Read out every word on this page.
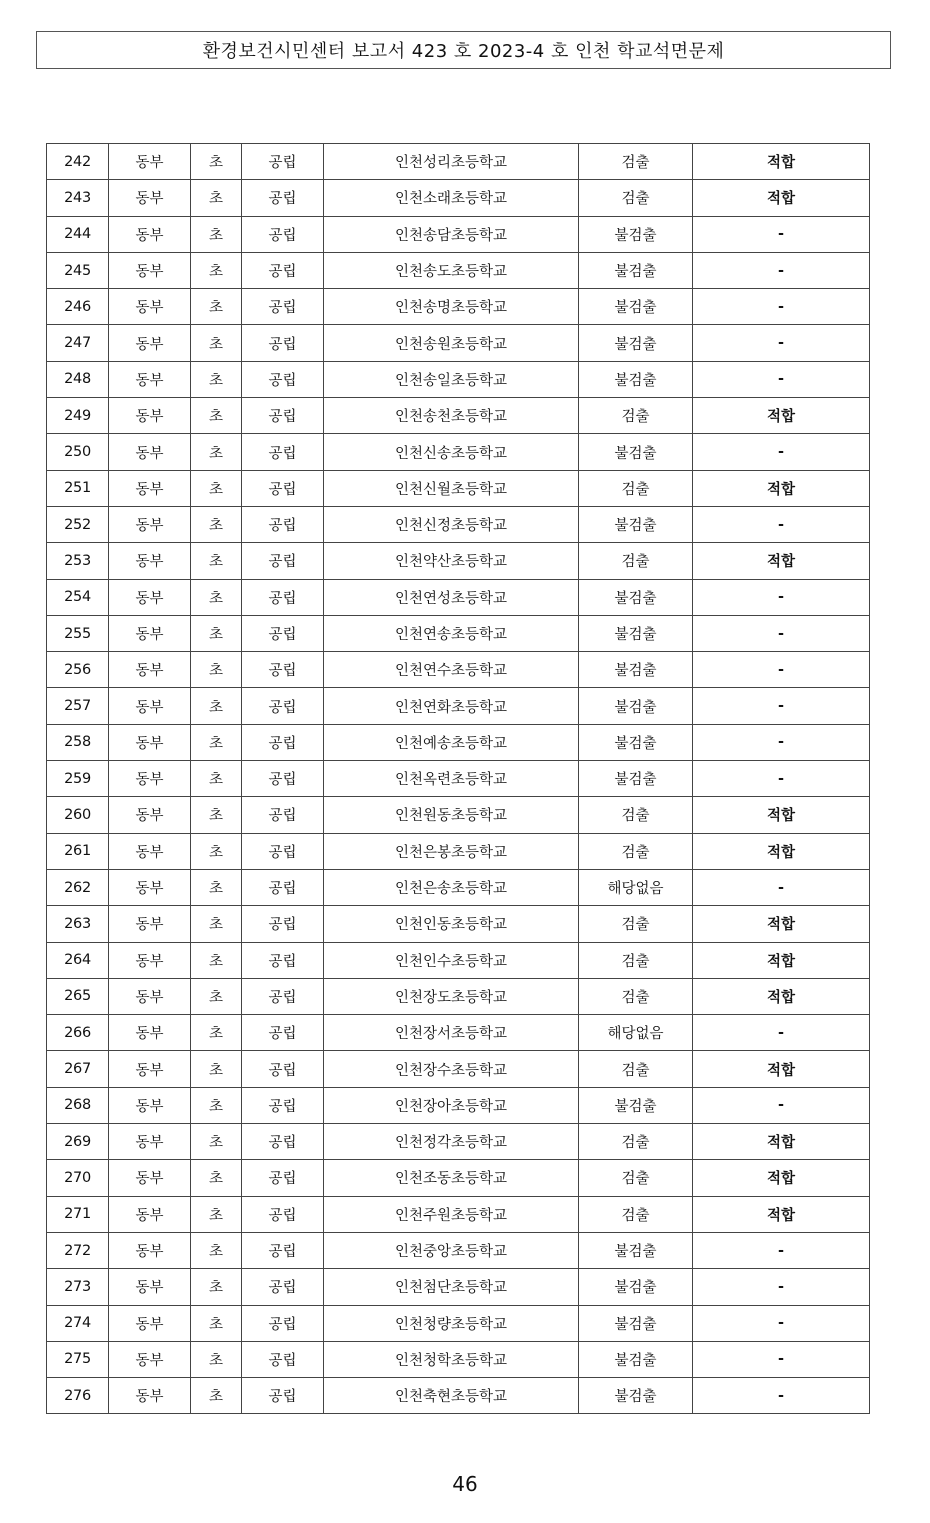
환경보건시민센터 보고서 423 호 2023-4 호 인천 학교석면문제
242	동부	초	공립	인천성리초등학교	검출	적합
243	동부	초	공립	인천소래초등학교	검출	적합
244	동부	초	공립	인천송담초등학교	불검출	-
245	동부	초	공립	인천송도초등학교	불검출	-
246	동부	초	공립	인천송명초등학교	불검출	-
247	동부	초	공립	인천송원초등학교	불검출	-
248	동부	초	공립	인천송일초등학교	불검출	-
249	동부	초	공립	인천송천초등학교	검출	적합
250	동부	초	공립	인천신송초등학교	불검출	-
251	동부	초	공립	인천신월초등학교	검출	적합
252	동부	초	공립	인천신정초등학교	불검출	-
253	동부	초	공립	인천약산초등학교	검출	적합
254	동부	초	공립	인천연성초등학교	불검출	-
255	동부	초	공립	인천연송초등학교	불검출	-
256	동부	초	공립	인천연수초등학교	불검출	-
257	동부	초	공립	인천연화초등학교	불검출	-
258	동부	초	공립	인천예송초등학교	불검출	-
259	동부	초	공립	인천옥련초등학교	불검출	-
260	동부	초	공립	인천원동초등학교	검출	적합
261	동부	초	공립	인천은봉초등학교	검출	적합
262	동부	초	공립	인천은송초등학교	해당없음	-
263	동부	초	공립	인천인동초등학교	검출	적합
264	동부	초	공립	인천인수초등학교	검출	적합
265	동부	초	공립	인천장도초등학교	검출	적합
266	동부	초	공립	인천장서초등학교	해당없음	-
267	동부	초	공립	인천장수초등학교	검출	적합
268	동부	초	공립	인천장아초등학교	불검출	-
269	동부	초	공립	인천정각초등학교	검출	적합
270	동부	초	공립	인천조동초등학교	검출	적합
271	동부	초	공립	인천주원초등학교	검출	적합
272	동부	초	공립	인천중앙초등학교	불검출	-
273	동부	초	공립	인천첨단초등학교	불검출	-
274	동부	초	공립	인천청량초등학교	불검출	-
275	동부	초	공립	인천청학초등학교	불검출	-
276	동부	초	공립	인천축현초등학교	불검출	-
46
